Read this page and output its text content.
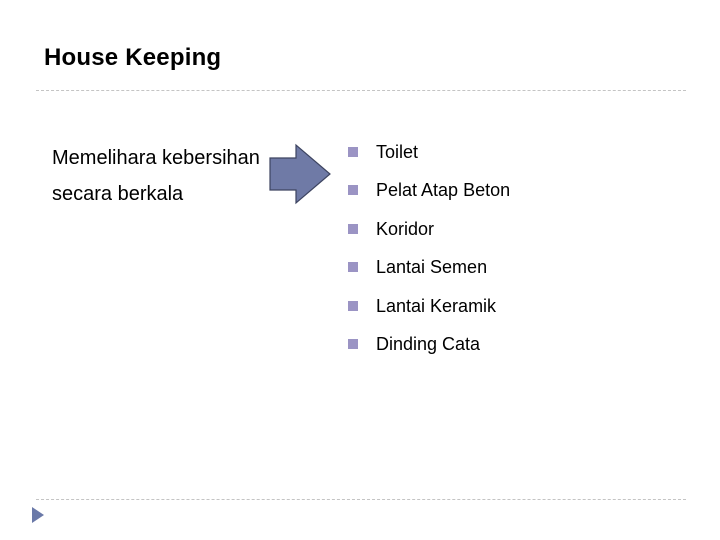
House Keeping
Memelihara kebersihan
secara berkala
Toilet
Pelat Atap Beton
Koridor
Lantai Semen
Lantai Keramik
Dinding Cata
